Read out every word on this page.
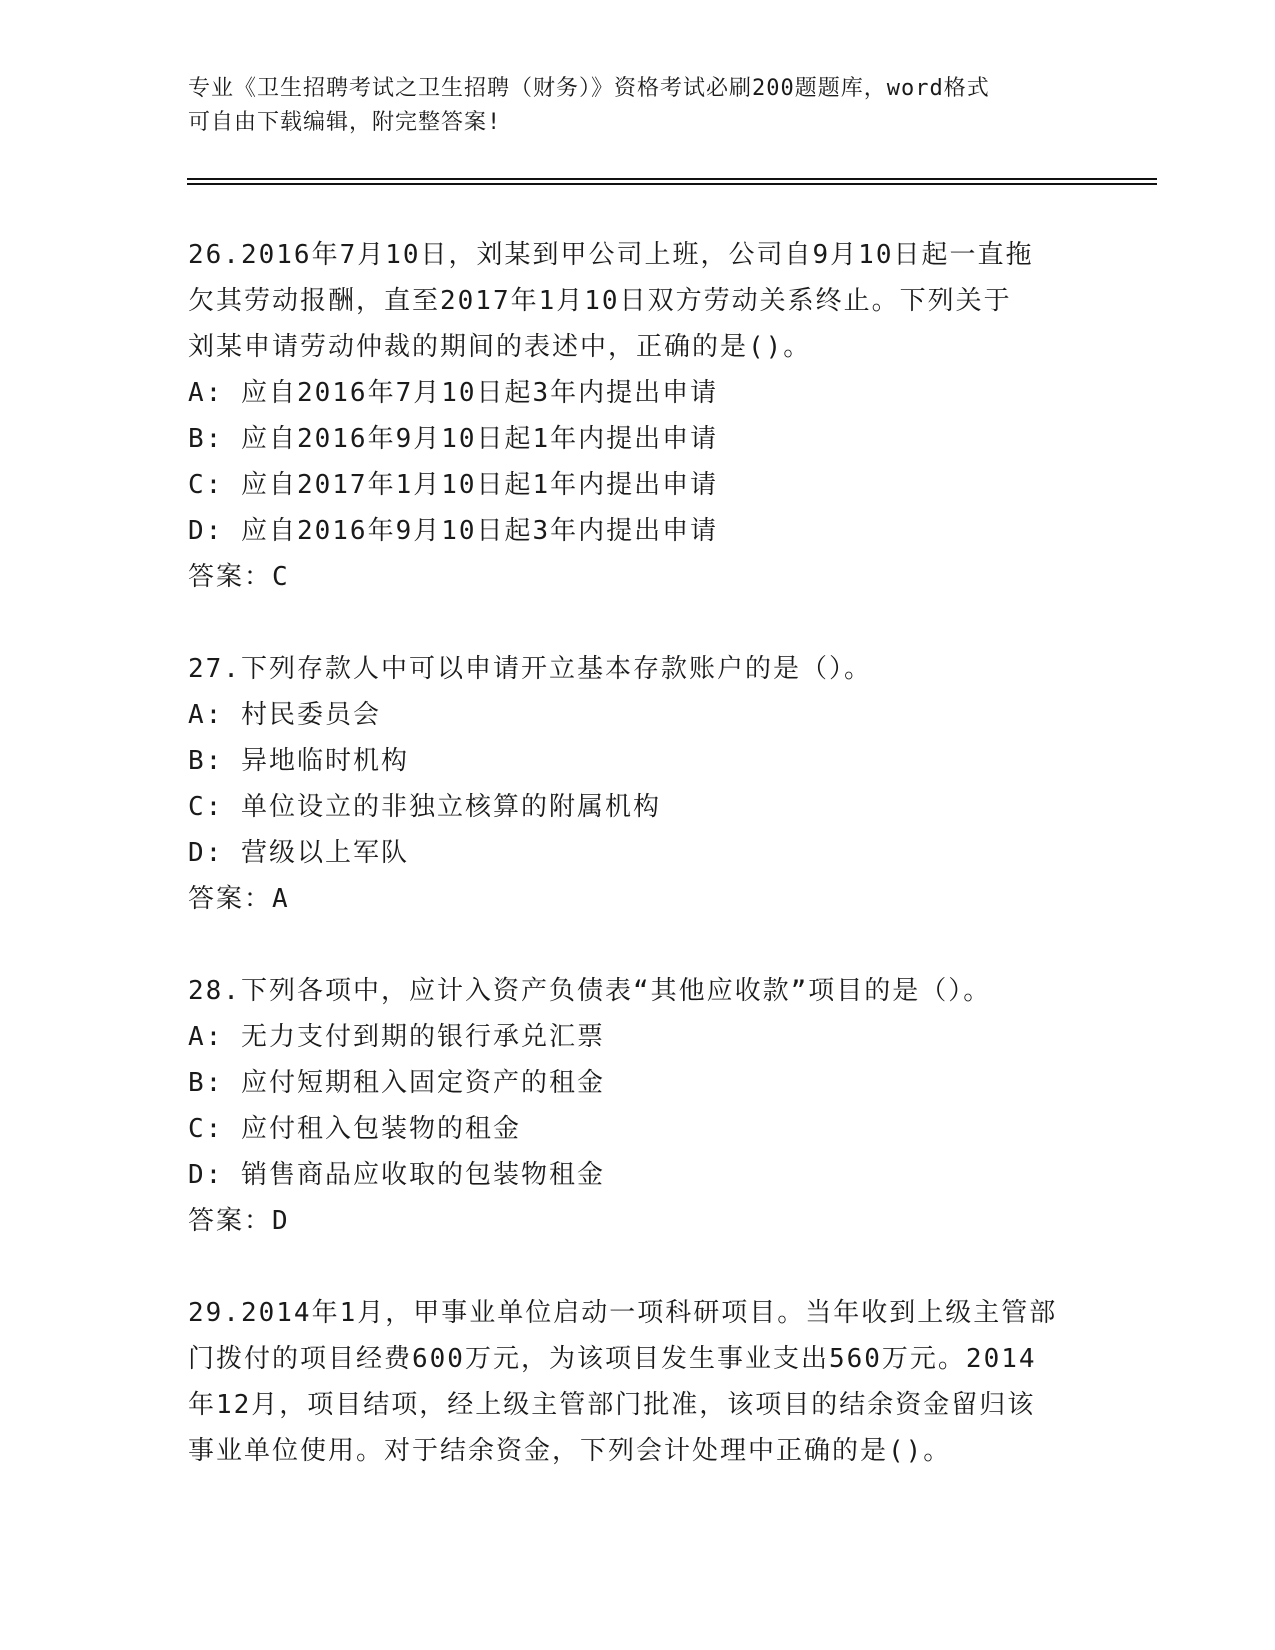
专业《卫生招聘考试之卫生招聘（财务）》资格考试必刷200题题库，word格式
可自由下载编辑，附完整答案!

26.2016年7月10日，刘某到甲公司上班，公司自9月10日起一直拖

欠其劳动报酬，直至2017年1月10日双方劳动关系终止。下列关于

刘某申请劳动仲裁的期间的表述中，正确的是()。

A: 应自2016年7月10日起3年内提出申请

B: 应自2016年9月10日起1年内提出申请

C: 应自2017年1月10日起1年内提出申请

D: 应自2016年9月10日起3年内提出申请

答案：C

27.下列存款人中可以申请开立基本存款账户的是（）。

A: 村民委员会

B: 异地临时机构

C: 单位设立的非独立核算的附属机构

D: 营级以上军队

答案：A

28.下列各项中，应计入资产负债表“其他应收款”项目的是（）。

A: 无力支付到期的银行承兑汇票

B: 应付短期租入固定资产的租金

C: 应付租入包装物的租金

D: 销售商品应收取的包装物租金

答案：D

29.2014年1月，甲事业单位启动一项科研项目。当年收到上级主管部

门拨付的项目经费600万元，为该项目发生事业支出560万元。2014

年12月，项目结项，经上级主管部门批准，该项目的结余资金留归该

事业单位使用。对于结余资金，下列会计处理中正确的是()。
